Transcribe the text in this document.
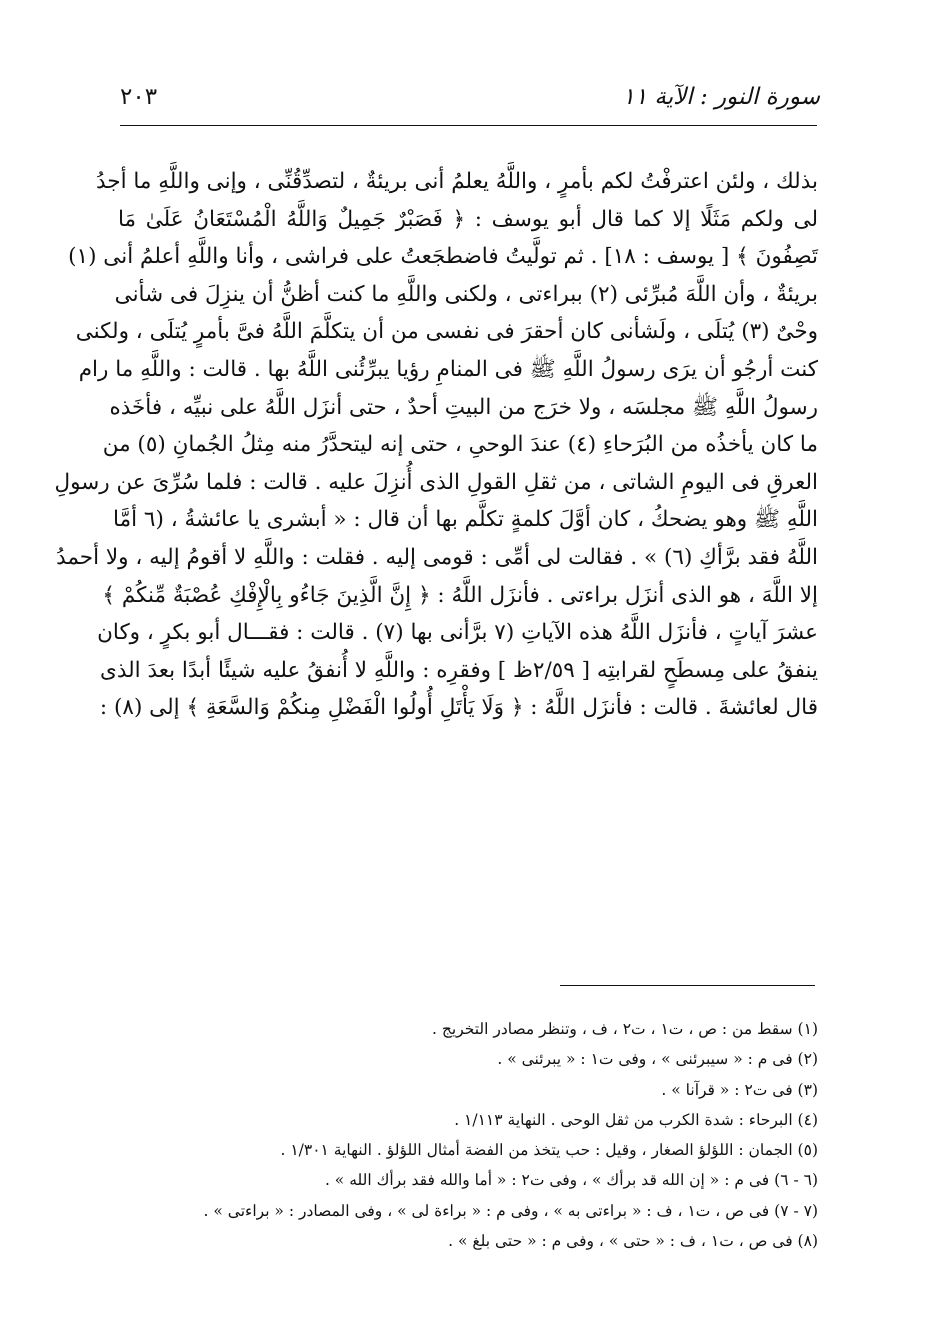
سورة النور : الآية ١١
٢٠٣
بذلك ، ولئن اعترفْتُ لكم بأمرٍ ، واللَّهُ يعلمُ أنى بريئةٌ ، لتصدِّقُنِّى ، وإنى واللَّهِ ما أجدُ
لى ولكم مَثَلًا إلا كما قال أبو يوسف : ﴿ فَصَبْرٌ جَمِيلٌ وَاللَّهُ الْمُسْتَعَانُ عَلَىٰ مَا
تَصِفُونَ ﴾ [ يوسف : ١٨] . ثم تولَّيتُ فاضطجَعتُ على فراشى ، وأنا واللَّهِ أعلمُ أنى (١)
بريئةٌ ، وأن اللَّهَ مُبرِّئى (٢) ببراءتى ، ولكنى واللَّهِ ما كنت أظنُّ أن ينزِلَ فى شأنى
وحْىٌ (٣) يُتلَى ، ولَشأنى كان أحقرَ فى نفسى من أن يتكلَّمَ اللَّهُ فىَّ بأمرٍ يُتلَى ، ولكنى
كنت أرجُو أن يرَى رسولُ اللَّهِ ﷺ فى المنامِ رؤيا يبرِّئُنى اللَّهُ بها . قالت : واللَّهِ ما رام
رسولُ اللَّهِ ﷺ مجلسَه ، ولا خرَج من البيتِ أحدٌ ، حتى أنزَل اللَّهُ على نبيِّه ، فأخَذه
ما كان يأخذُه من البُرَحاءِ (٤) عندَ الوحىِ ، حتى إنه ليتحدَّرُ منه مِثلُ الجُمانِ (٥) من
العرقِ فى اليومِ الشاتى ، من ثقلِ القولِ الذى أُنزِلَ عليه . قالت : فلما سُرِّىَ عن رسولِ
اللَّهِ ﷺ وهو يضحكُ ، كان أوَّلَ كلمةٍ تكلَّم بها أن قال : « أبشرى يا عائشةُ ، (٦ أمَّا
اللَّهُ فقد برَّأكِ (٦) » . فقالت لى أمِّى : قومى إليه . فقلت : واللَّهِ لا أقومُ إليه ، ولا أحمدُ
إلا اللَّهَ ، هو الذى أنزَل براءتى . فأنزَل اللَّهُ : ﴿ إِنَّ الَّذِينَ جَاءُو بِالْإِفْكِ عُصْبَةٌ مِّنكُمْ ﴾
عشرَ آياتٍ ، فأنزَل اللَّهُ هذه الآياتِ (٧ برَّأنى بها (٧) . قالت : فقـــال أبو بكرٍ ، وكان
ينفقُ على مِسطَحٍ لقرابتِه [ ٢/٥٩ظ ] وفقرِه : واللَّهِ لا أُنفقُ عليه شيئًا أبدًا بعدَ الذى
قال لعائشةَ . قالت : فأنزَل اللَّهُ : ﴿ وَلَا يَأْتَلِ أُولُوا الْفَضْلِ مِنكُمْ وَالسَّعَةِ ﴾ إلى (٨) :
(١) سقط من : ص ، ت١ ، ت٢ ، ف ، وتنظر مصادر التخريج .
(٢) فى م : « سيبرئنى » ، وفى ت١ : « يبرئنى » .
(٣) فى ت٢ : « قرآنا » .
(٤) البرحاء : شدة الكرب من ثقل الوحى . النهاية ١/١١٣ .
(٥) الجمان : اللؤلؤ الصغار ، وقيل : حب يتخذ من الفضة أمثال اللؤلؤ . النهاية ١/٣٠١ .
(٦ - ٦) فى م : « إن الله قد برأك » ، وفى ت٢ : « أما والله فقد برأك الله » .
(٧ - ٧) فى ص ، ت١ ، ف : « براءتى به » ، وفى م : « براءة لى » ، وفى المصادر : « براءتى » .
(٨) فى ص ، ت١ ، ف : « حتى » ، وفى م : « حتى بلغ » .
